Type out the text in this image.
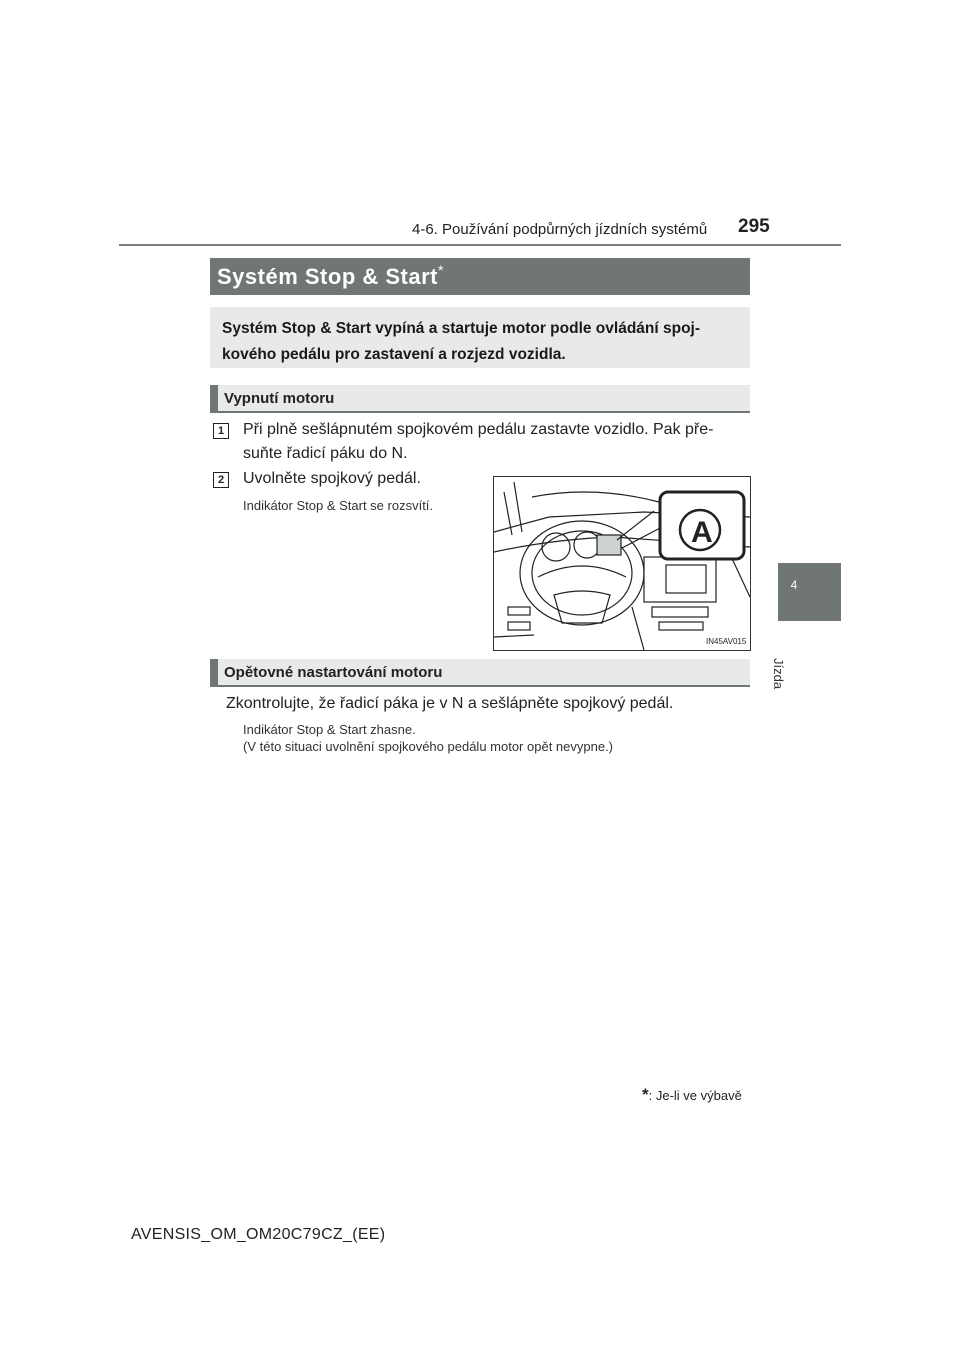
4-6. Používání podpůrných jízdních systémů 295
4
Jízda
Systém Stop & Start*
Systém Stop & Start vypíná a startuje motor podle ovládání spoj-kového pedálu pro zastavení a rozjezd vozidla.
Vypnutí motoru
1	Při plně sešlápnutém spojkovém pedálu zastavte vozidlo. Pak pře-suňte řadicí páku do N.
2	Uvolněte spojkový pedál.
Indikátor Stop & Start se rozsvítí.
A
IN45AV015
Opětovné nastartování motoru
Zkontrolujte, že řadicí páka je v N a sešlápněte spojkový pedál.
Indikátor Stop & Start zhasne.
(V této situaci uvolnění spojkového pedálu motor opět nevypne.)
*: Je-li ve výbavě
AVENSIS_OM_OM20C79CZ_(EE)
